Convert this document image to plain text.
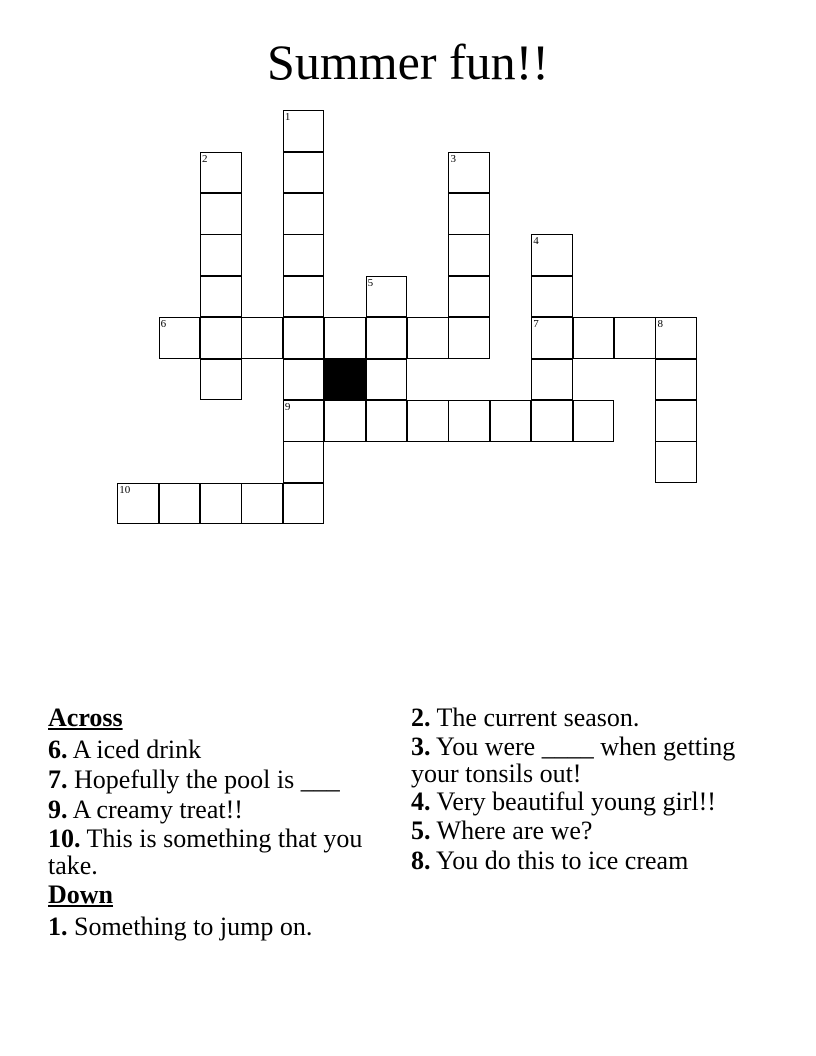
Summer fun!!
1
2	3
4
5
6	7	8
9
10
Across
6. A iced drink
7. Hopefully the pool is ___
9. A creamy treat!!
10. This is something that you take.
Down
1. Something to jump on.
2. The current season.
3. You were ____ when getting your tonsils out!
4. Very beautiful young girl!!
5. Where are we?
8. You do this to ice cream
